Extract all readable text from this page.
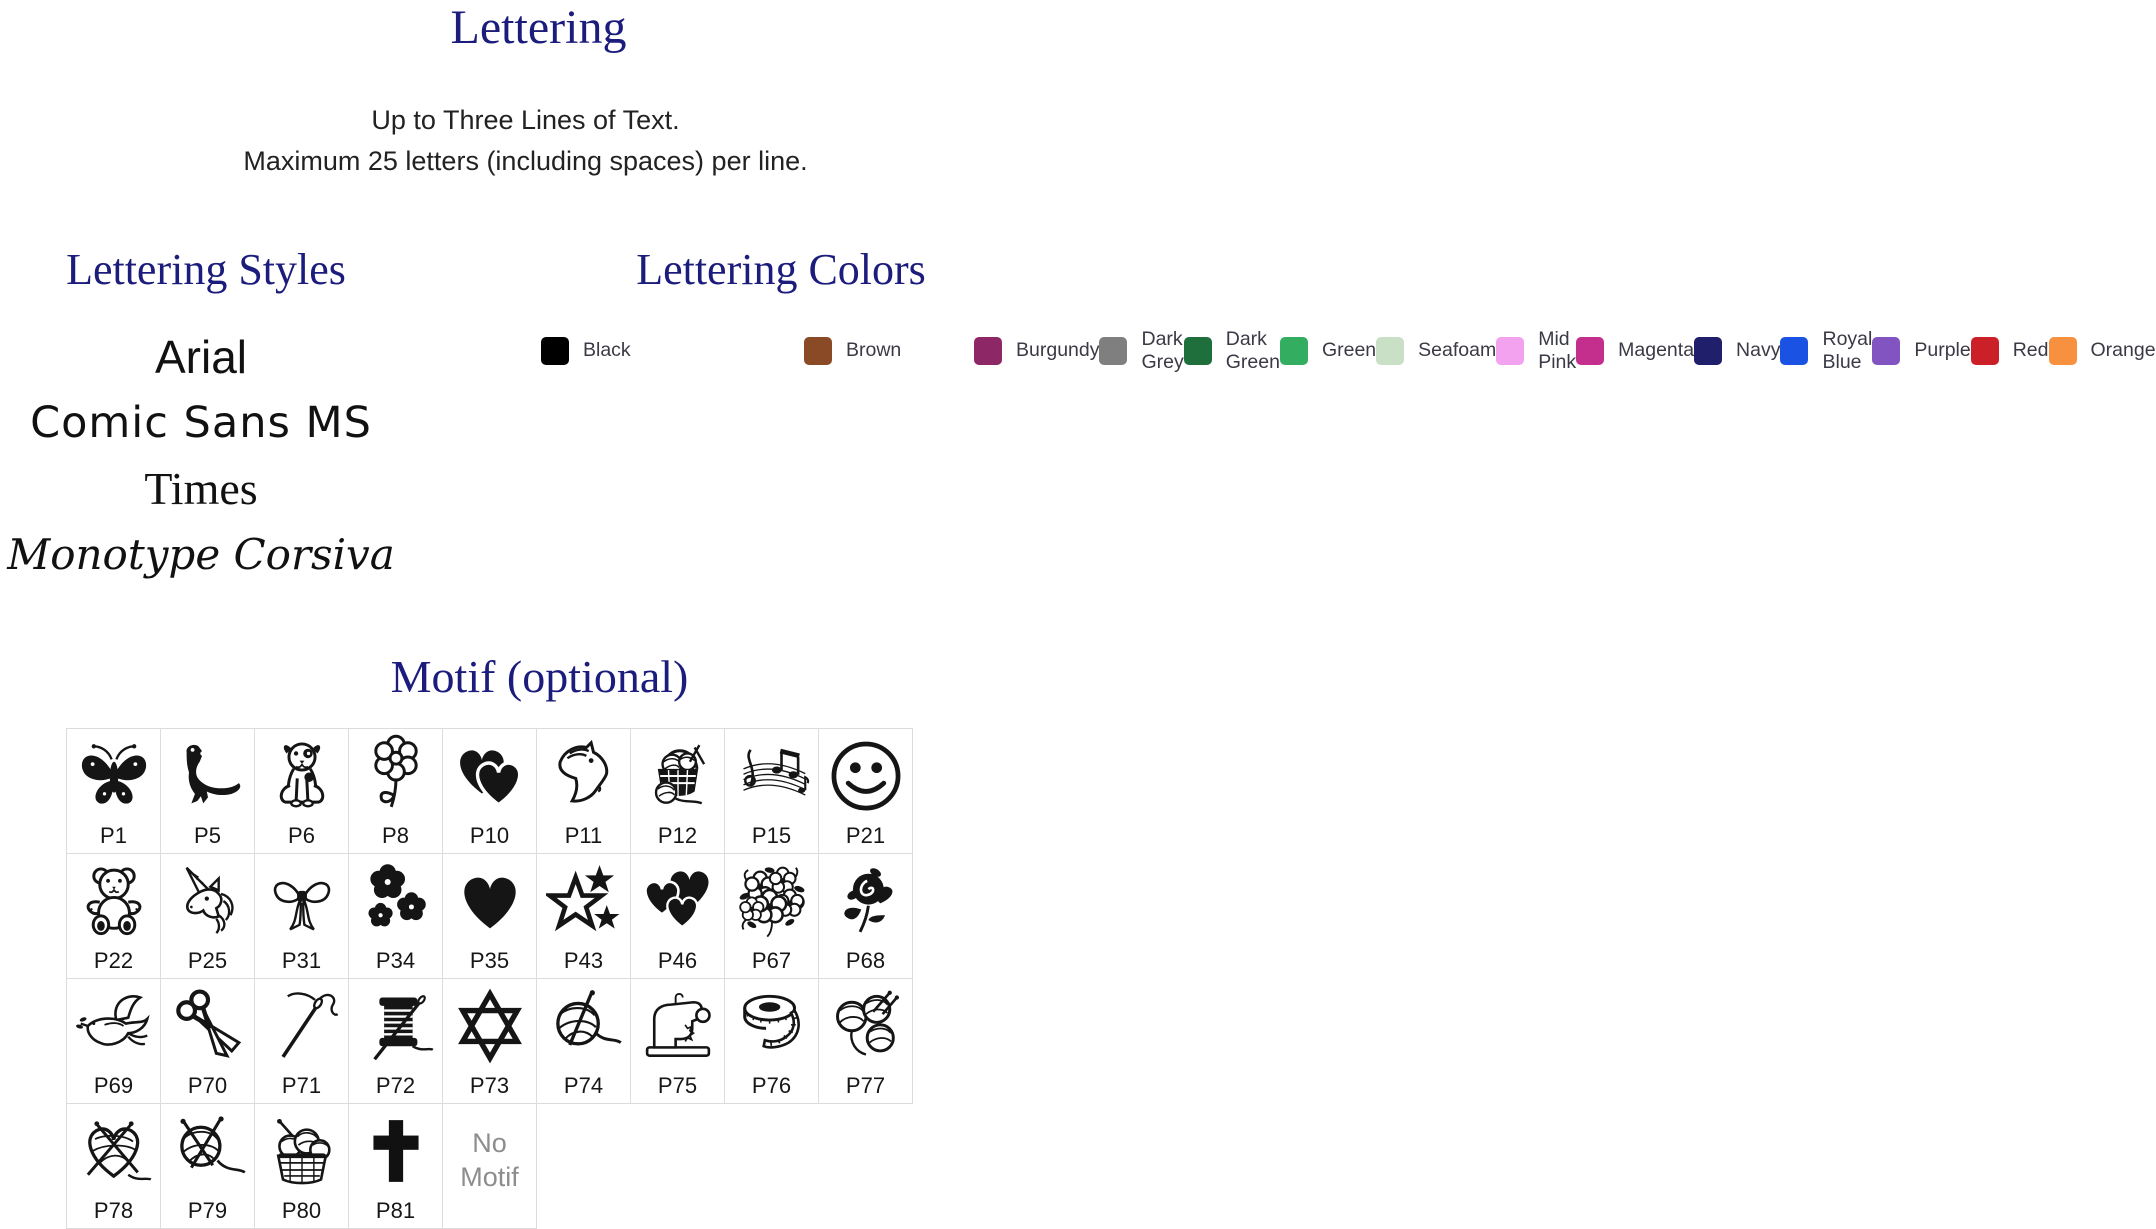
Lettering
Up to Three Lines of Text.
Maximum 25 letters (including spaces) per line.
Lettering Styles
Arial
Comic Sans MS
Times
Monotype Corsiva
Lettering Colors
Black	Brown	Burgundy
Dark Grey
Dark Green
Green Seafoam
Mid Pink
Magenta Navy
Royal Blue
Purple Red Orange
Motif (optional)
P1	P5	P6	P8	P10	P11	P12 P15 P21
P22 P25 P31 P34 P35 P43 P46 P67 P68
P69 P70 P71 P72 P73 P74 P75 P76 P77
P78 P79 P80 P81
No
Motif
